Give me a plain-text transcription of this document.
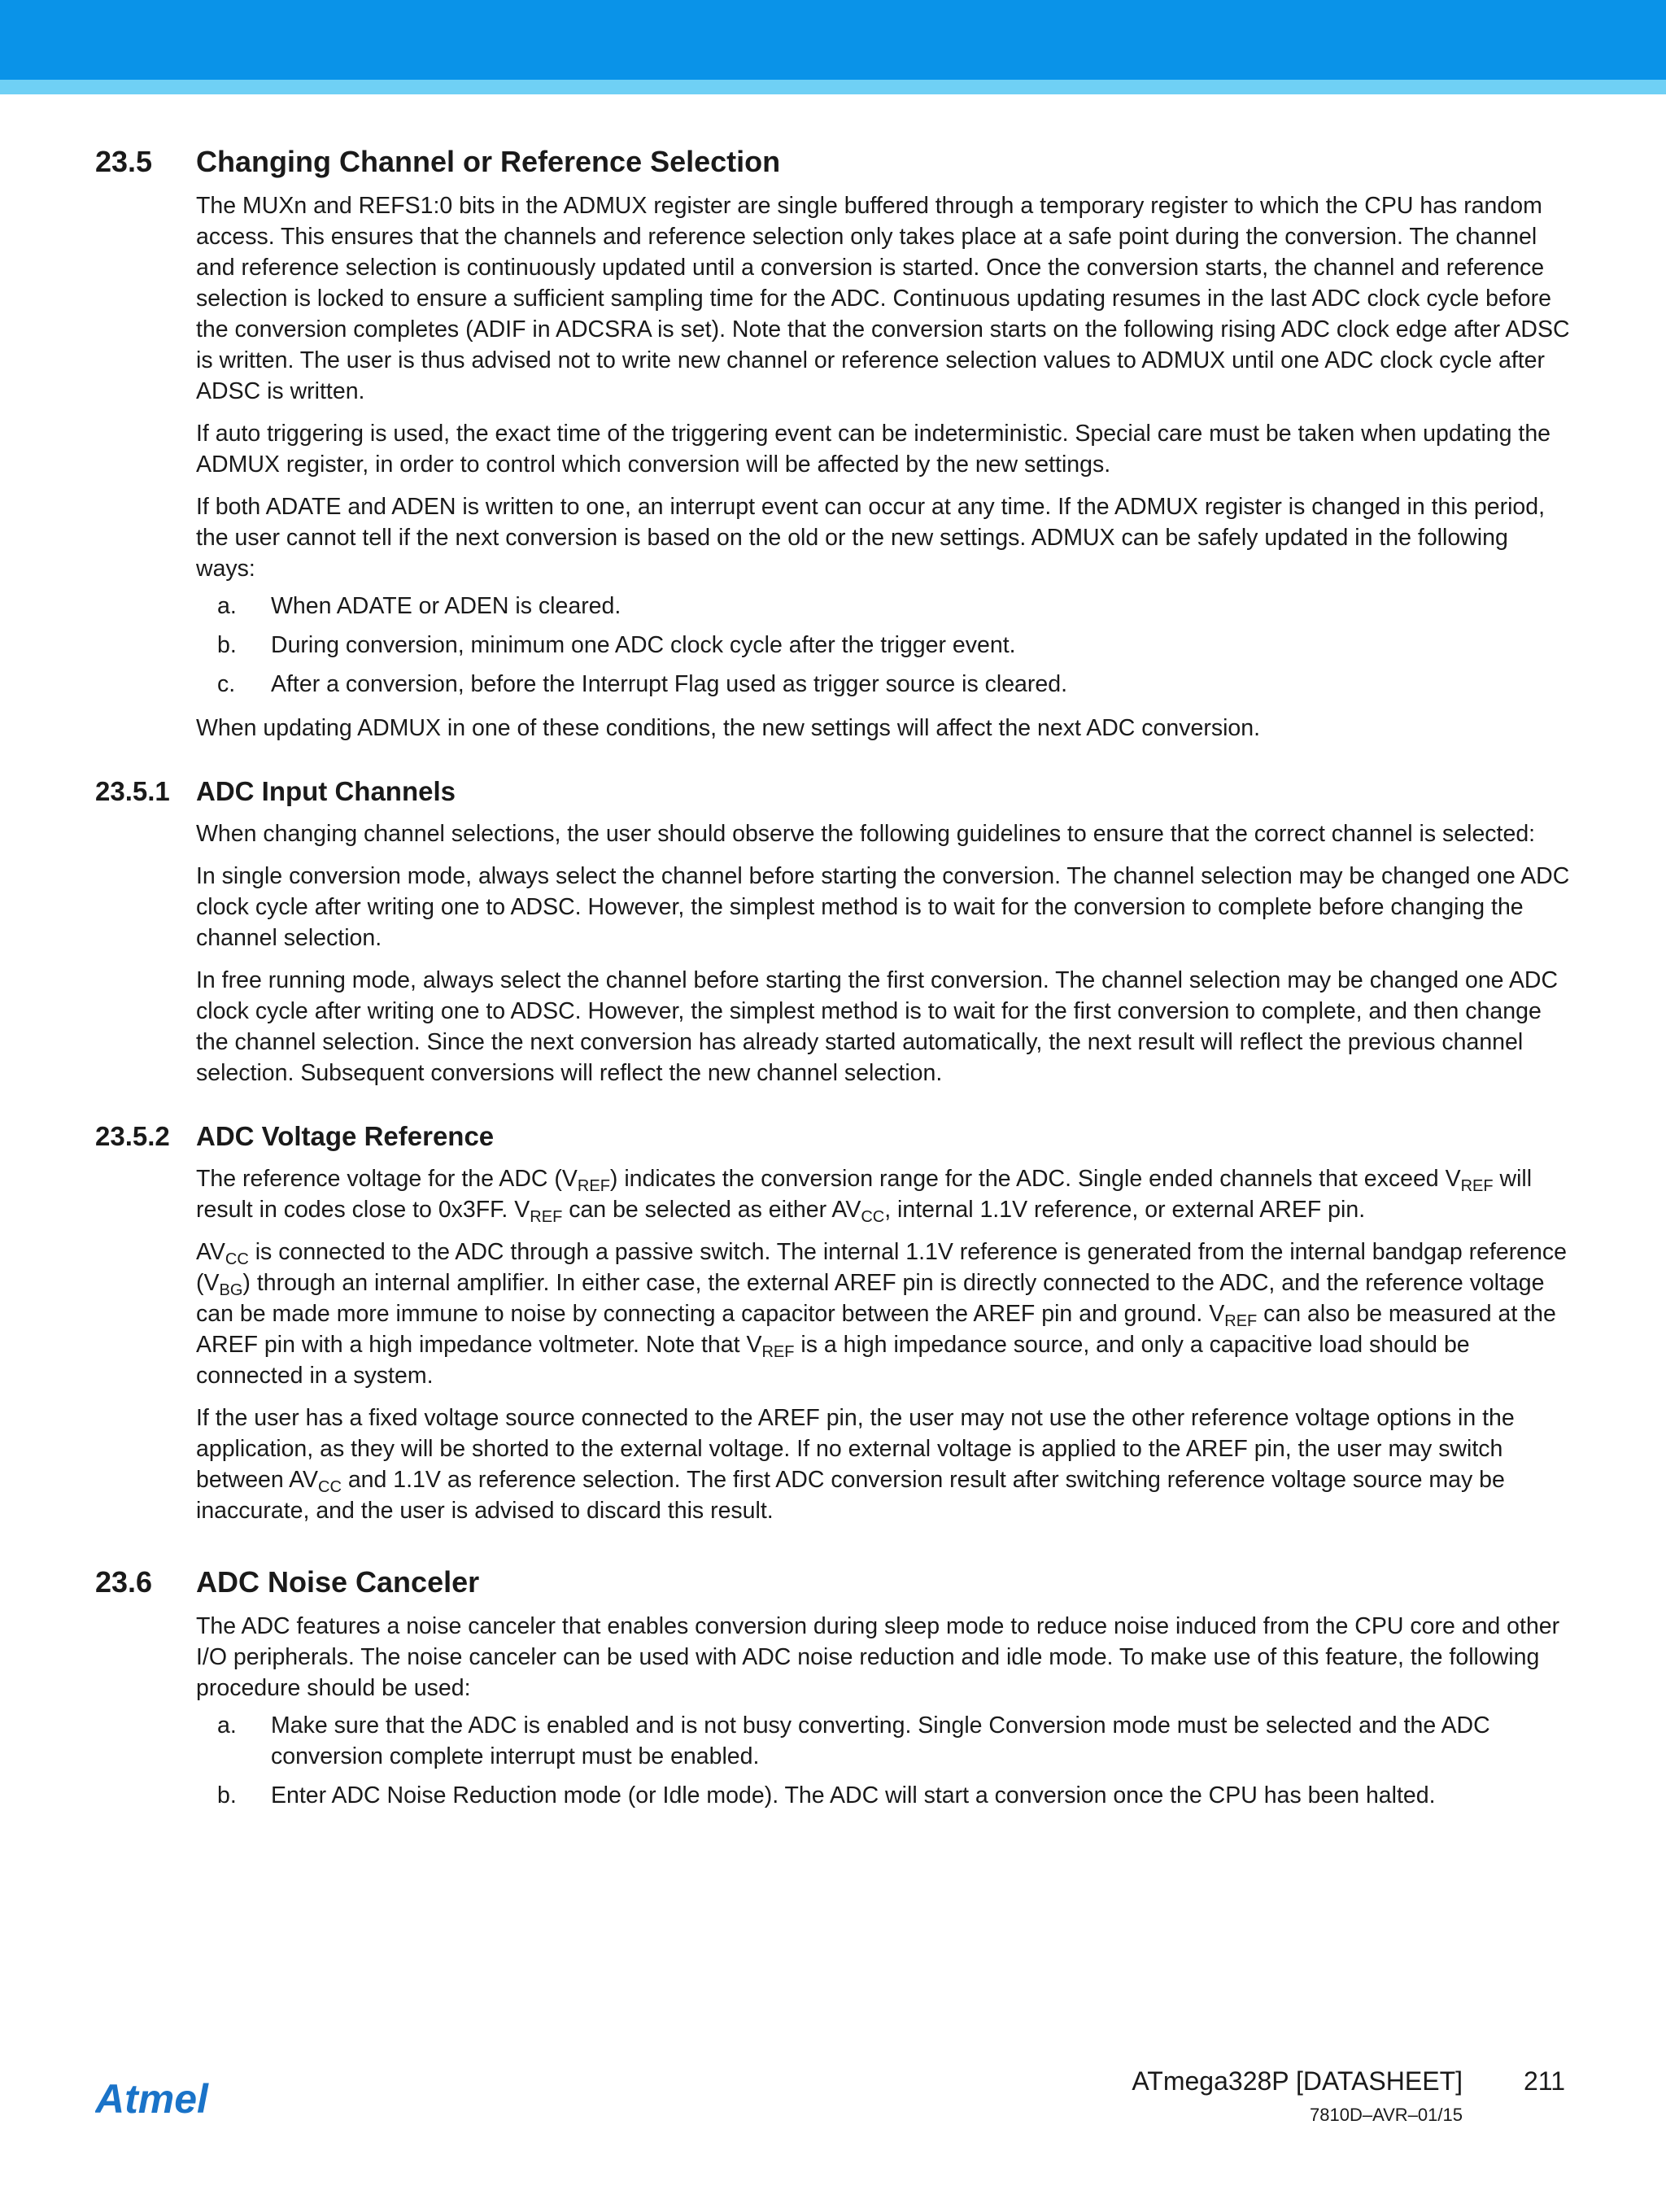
23.5 Changing Channel or Reference Selection

The MUXn and REFS1:0 bits in the ADMUX register are single buffered through a temporary register to which the CPU has random access. This ensures that the channels and reference selection only takes place at a safe point during the conversion. The channel and reference selection is continuously updated until a conversion is started. Once the conversion starts, the channel and reference selection is locked to ensure a sufficient sampling time for the ADC. Continuous updating resumes in the last ADC clock cycle before the conversion completes (ADIF in ADCSRA is set). Note that the conversion starts on the following rising ADC clock edge after ADSC is written. The user is thus advised not to write new channel or reference selection values to ADMUX until one ADC clock cycle after ADSC is written.

If auto triggering is used, the exact time of the triggering event can be indeterministic. Special care must be taken when updating the ADMUX register, in order to control which conversion will be affected by the new settings.

If both ADATE and ADEN is written to one, an interrupt event can occur at any time. If the ADMUX register is changed in this period, the user cannot tell if the next conversion is based on the old or the new settings. ADMUX can be safely updated in the following ways:

a. When ADATE or ADEN is cleared.
b. During conversion, minimum one ADC clock cycle after the trigger event.
c. After a conversion, before the Interrupt Flag used as trigger source is cleared.

When updating ADMUX in one of these conditions, the new settings will affect the next ADC conversion.

23.5.1 ADC Input Channels

When changing channel selections, the user should observe the following guidelines to ensure that the correct channel is selected:

In single conversion mode, always select the channel before starting the conversion. The channel selection may be changed one ADC clock cycle after writing one to ADSC. However, the simplest method is to wait for the conversion to complete before changing the channel selection.

In free running mode, always select the channel before starting the first conversion. The channel selection may be changed one ADC clock cycle after writing one to ADSC. However, the simplest method is to wait for the first conversion to complete, and then change the channel selection. Since the next conversion has already started automatically, the next result will reflect the previous channel selection. Subsequent conversions will reflect the new channel selection.

23.5.2 ADC Voltage Reference

The reference voltage for the ADC $(V_{REF})$ indicates the conversion range for the ADC. Single ended channels that exceed $V_{REF}$ will result in codes close to 0x3FF. $V_{REF}$ can be selected as either $AV_{CC}$, internal 1.1V reference, or external AREF pin.

$AV_{CC}$ is connected to the ADC through a passive switch. The internal 1.1V reference is generated from the internal bandgap reference $(V_{BG})$ through an internal amplifier. In either case, the external AREF pin is directly connected to the ADC, and the reference voltage can be made more immune to noise by connecting a capacitor between the AREF pin and ground. $V_{REF}$ can also be measured at the AREF pin with a high impedance voltmeter. Note that $V_{REF}$ is a high impedance source, and only a capacitive load should be connected in a system.

If the user has a fixed voltage source connected to the AREF pin, the user may not use the other reference voltage options in the application, as they will be shorted to the external voltage. If no external voltage is applied to the AREF pin, the user may switch between $AV_{CC}$ and 1.1V as reference selection. The first ADC conversion result after switching reference voltage source may be inaccurate, and the user is advised to discard this result.

23.6 ADC Noise Canceler

The ADC features a noise canceler that enables conversion during sleep mode to reduce noise induced from the CPU core and other I/O peripherals. The noise canceler can be used with ADC noise reduction and idle mode. To make use of this feature, the following procedure should be used:

a. Make sure that the ADC is enabled and is not busy converting. Single Conversion mode must be selected and the ADC conversion complete interrupt must be enabled.
b. Enter ADC Noise Reduction mode (or Idle mode). The ADC will start a conversion once the CPU has been halted.
Atmel	ATmega328P [DATASHEET] 211
7810D–AVR–01/15
